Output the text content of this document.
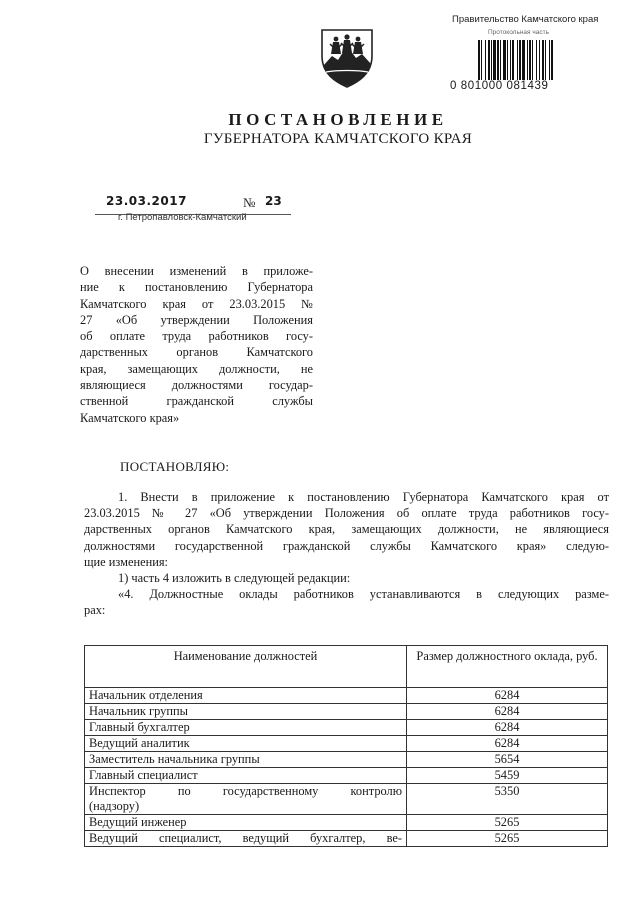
Правительство Камчатского края
Протокольная часть
0 801000 081439
ПОСТАНОВЛЕНИЕ
ГУБЕРНАТОРА КАМЧАТСКОГО КРАЯ
23.03.2017	№ 23
г. Петропавловск-Камчатский
О внесении изменений в приложе-
ние к постановлению Губернатора
Камчатского края от 23.03.2015 №
27 «Об утверждении Положения
об оплате труда работников госу-
дарственных органов Камчатского
края, замещающих должности, не
являющиеся должностями государ-
ственной гражданской службы
Камчатского края»
ПОСТАНОВЛЯЮ:
1. Внести в приложение к постановлению Губернатора Камчатского края от
23.03.2015 № 27 «Об утверждении Положения об оплате труда работников госу-
дарственных органов Камчатского края, замещающих должности, не являющиеся
должностями государственной гражданской службы Камчатского края» следую-
щие изменения:
1) часть 4 изложить в следующей редакции:
«4. Должностные оклады работников устанавливаются в следующих разме-
рах:
Наименование должностей	Размер должностного оклада, руб.
Начальник отделения	6284
Начальник группы	6284
Главный бухгалтер	6284
Ведущий аналитик	6284
Заместитель начальника группы	5654
Главный специалист	5459

Инспектор по государственному контролю
(надзору)	5350
Ведущий инженер	5265

Ведущий специалист, ведущий бухгалтер, ве-	5265
